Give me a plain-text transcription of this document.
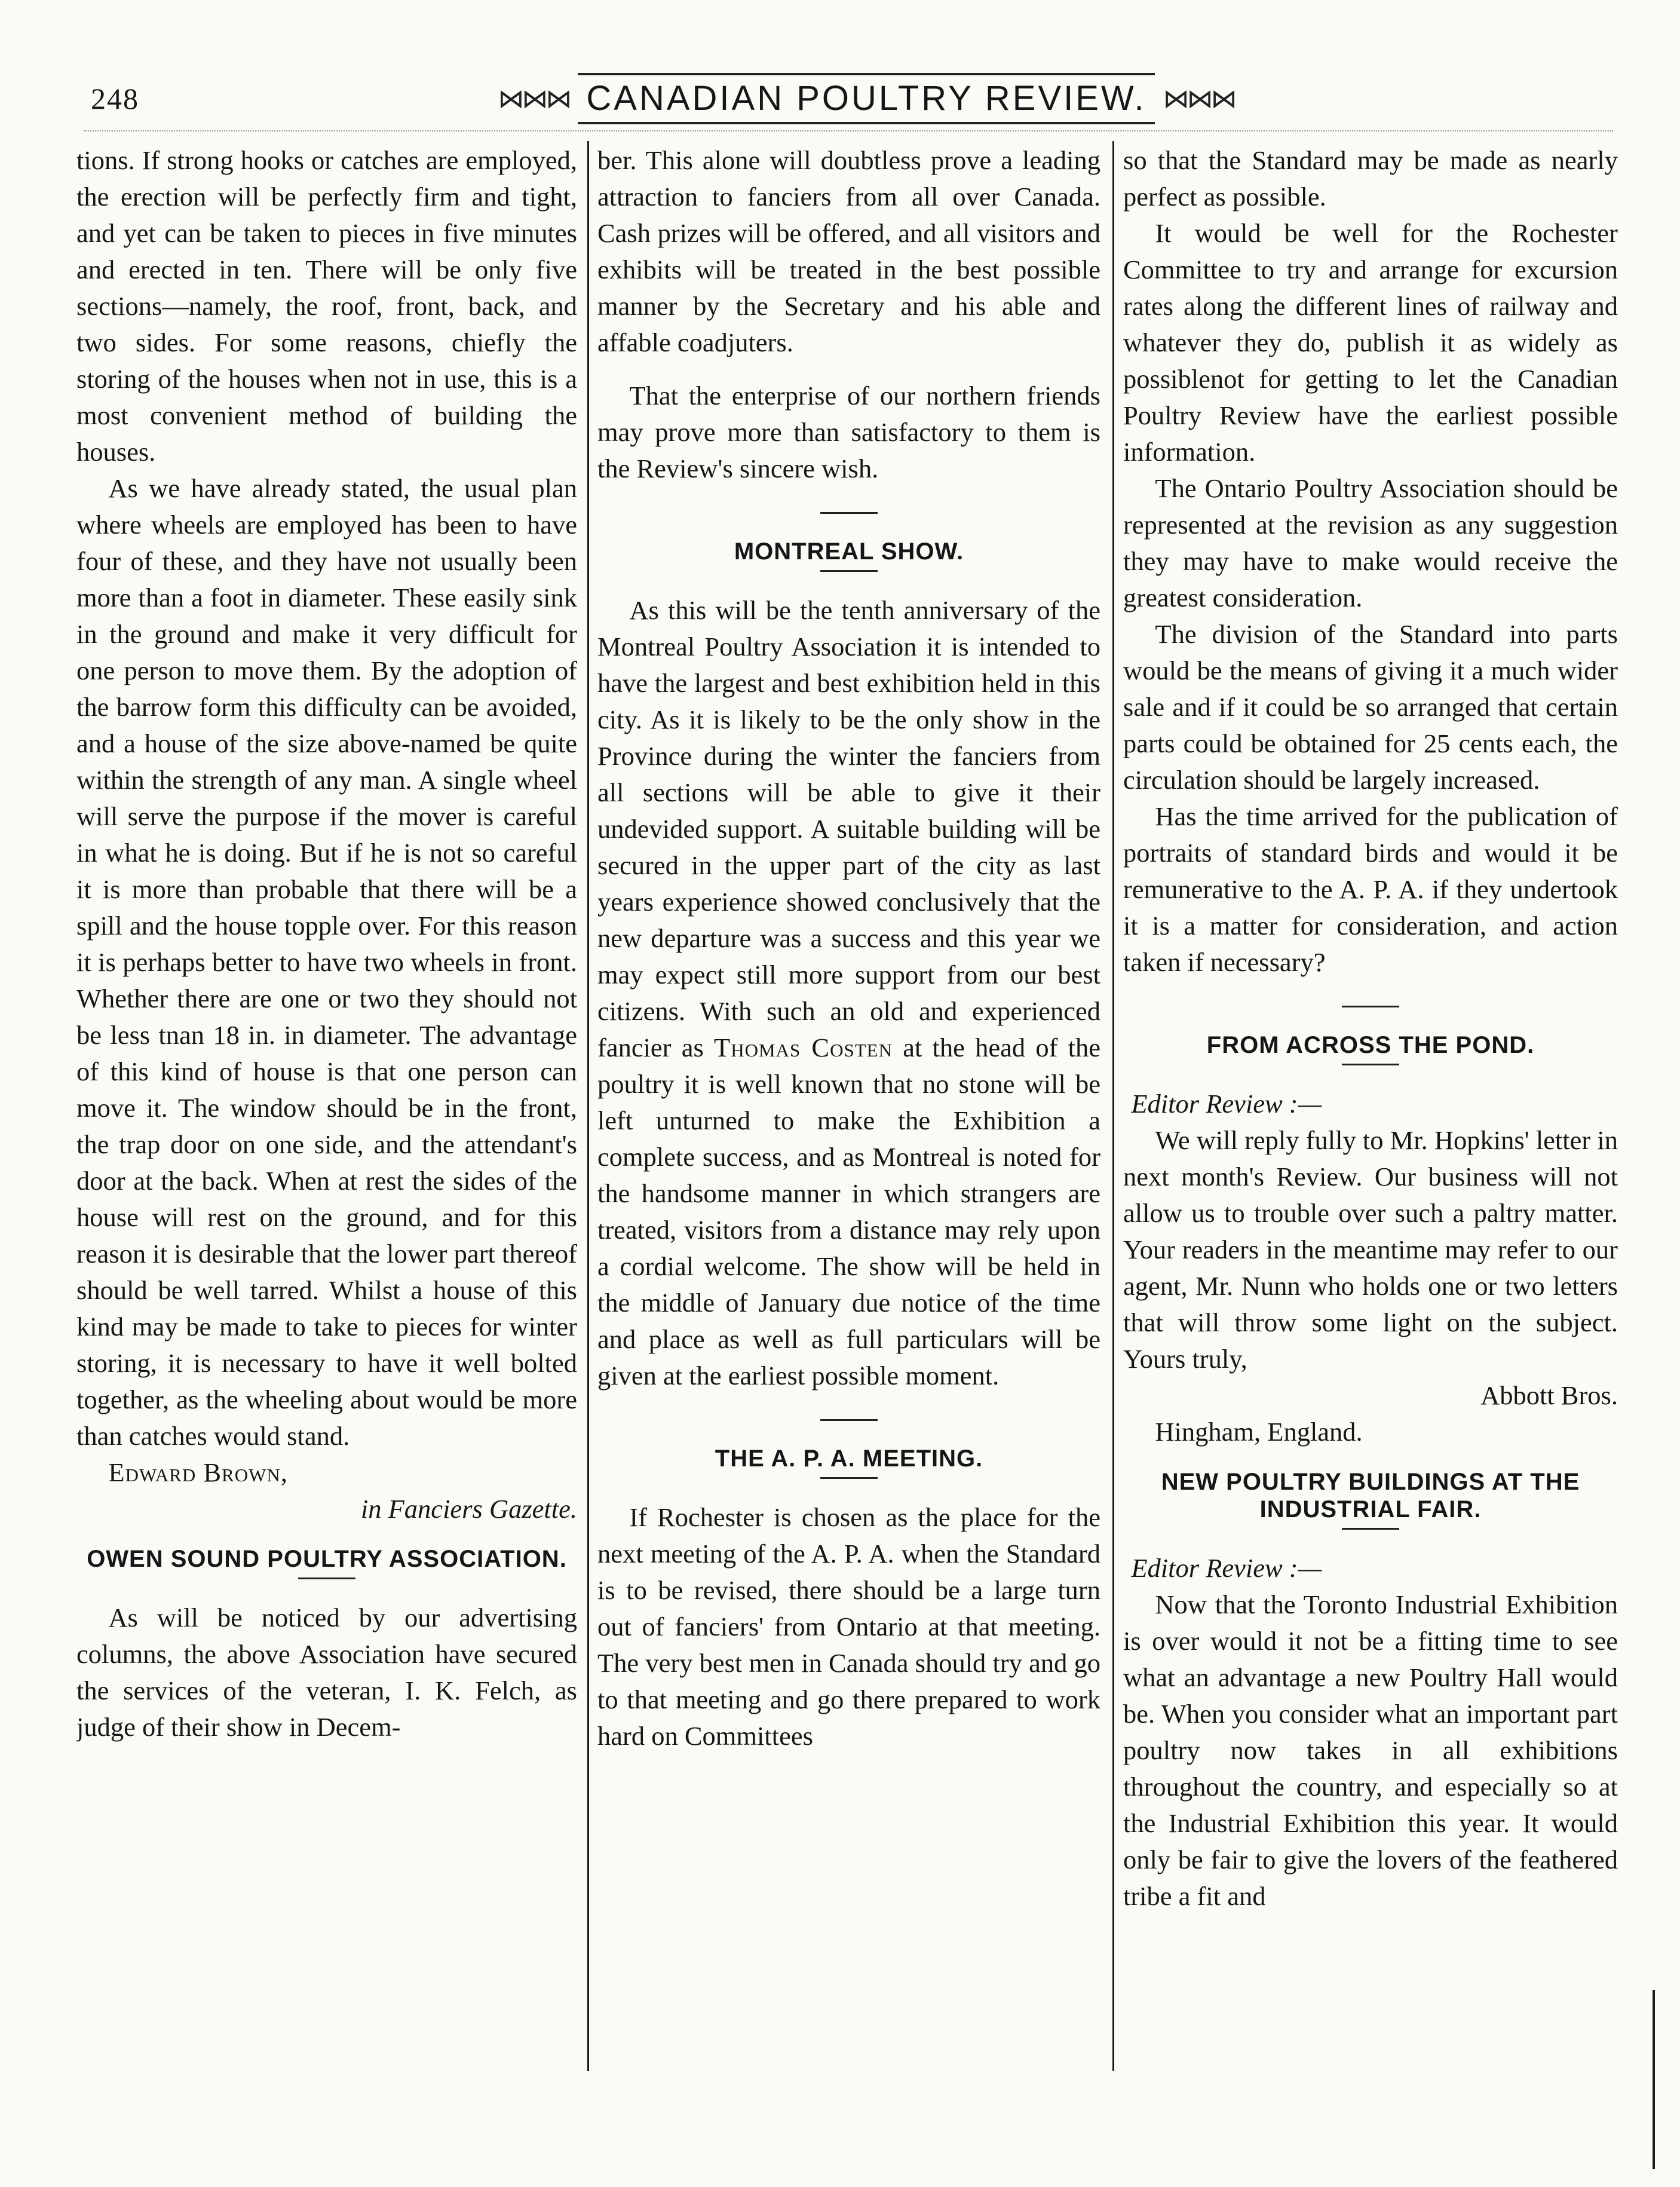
248	⋈⋈⋈ CANADIAN POULTRY REVIEW. ⋈⋈⋈

tions. If strong hooks or catches are employed, the erection will be perfectly firm and tight, and yet can be taken to pieces in five minutes and erected in ten. There will be only five sections—namely, the roof, front, back, and two sides. For some reasons, chiefly the storing of the houses when not in use, this is a most convenient method of building the houses.

As we have already stated, the usual plan where wheels are employed has been to have four of these, and they have not usually been more than a foot in diameter. These easily sink in the ground and make it very difficult for one person to move them. By the adoption of the barrow form this difficulty can be avoided, and a house of the size above-named be quite within the strength of any man. A single wheel will serve the purpose if the mover is careful in what he is doing. But if he is not so careful it is more than probable that there will be a spill and the house topple over. For this reason it is perhaps better to have two wheels in front. Whether there are one or two they should not be less tnan 18 in. in diameter. The advantage of this kind of house is that one person can move it. The window should be in the front, the trap door on one side, and the attendant's door at the back. When at rest the sides of the house will rest on the ground, and for this reason it is desirable that the lower part thereof should be well tarred. Whilst a house of this kind may be made to take to pieces for winter storing, it is necessary to have it well bolted together, as the wheeling about would be more than catches would stand.

Edward Brown,

in Fanciers Gazette.

OWEN SOUND POULTRY ASSOCIATION.

As will be noticed by our advertising columns, the above Association have secured the services of the veteran, I. K. Felch, as judge of their show in Decem-

ber. This alone will doubtless prove a leading attraction to fanciers from all over Canada. Cash prizes will be offered, and all visitors and exhibits will be treated in the best possible manner by the Secretary and his able and affable coadjuters.

That the enterprise of our northern friends may prove more than satisfactory to them is the Review's sincere wish.

MONTREAL SHOW.

As this will be the tenth anniversary of the Montreal Poultry Association it is intended to have the largest and best exhibition held in this city. As it is likely to be the only show in the Province during the winter the fanciers from all sections will be able to give it their undevided support. A suitable building will be secured in the upper part of the city as last years experience showed conclusively that the new departure was a success and this year we may expect still more support from our best citizens. With such an old and experienced fancier as Thomas Costen at the head of the poultry it is well known that no stone will be left unturned to make the Exhibition a complete success, and as Montreal is noted for the handsome manner in which strangers are treated, visitors from a distance may rely upon a cordial welcome. The show will be held in the middle of January due notice of the time and place as well as full particulars will be given at the earliest possible moment.

THE A. P. A. MEETING.

If Rochester is chosen as the place for the next meeting of the A. P. A. when the Standard is to be revised, there should be a large turn out of fanciers' from Ontario at that meeting. The very best men in Canada should try and go to that meeting and go there prepared to work hard on Committees

so that the Standard may be made as nearly perfect as possible.

It would be well for the Rochester Committee to try and arrange for excursion rates along the different lines of railway and whatever they do, publish it as widely as possiblenot for getting to let the Canadian Poultry Review have the earliest possible information.

The Ontario Poultry Association should be represented at the revision as any suggestion they may have to make would receive the greatest consideration.

The division of the Standard into parts would be the means of giving it a much wider sale and if it could be so arranged that certain parts could be obtained for 25 cents each, the circulation should be largely increased.

Has the time arrived for the publication of portraits of standard birds and would it be remunerative to the A. P. A. if they undertook it is a matter for consideration, and action taken if necessary?

FROM ACROSS THE POND.

Editor Review :—

We will reply fully to Mr. Hopkins' letter in next month's Review. Our business will not allow us to trouble over such a paltry matter. Your readers in the meantime may refer to our agent, Mr. Nunn who holds one or two letters that will throw some light on the subject. Yours truly,

Abbott Bros.

Hingham, England.

NEW POULTRY BUILDINGS AT THE INDUSTRIAL FAIR.

Editor Review :—

Now that the Toronto Industrial Exhibition is over would it not be a fitting time to see what an advantage a new Poultry Hall would be. When you consider what an important part poultry now takes in all exhibitions throughout the country, and especially so at the Industrial Exhibition this year. It would only be fair to give the lovers of the feathered tribe a fit and
